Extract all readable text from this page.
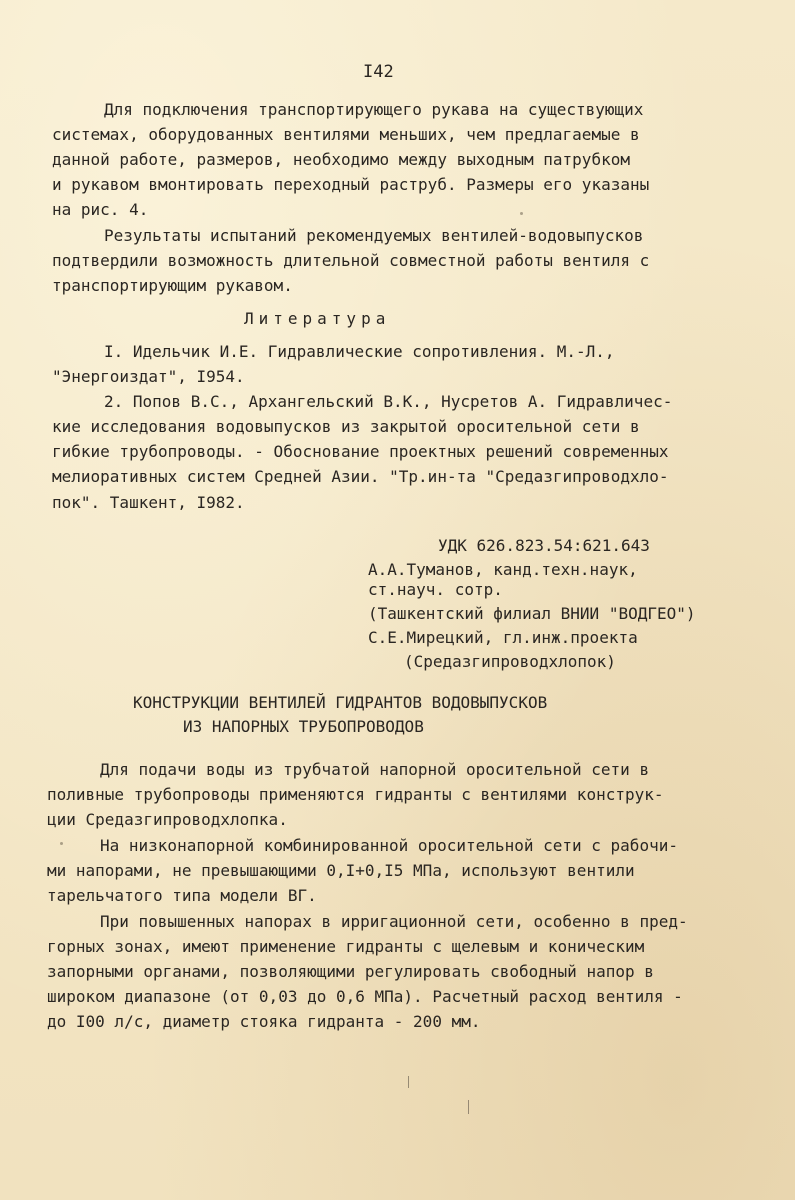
I42
Для подключения транспортирующего рукава на существующих
системах, оборудованных вентилями меньших, чем предлагаемые в
данной работе, размеров, необходимо между выходным патрубком
и рукавом вмонтировать переходный раструб. Размеры его указаны
на рис. 4.
Результаты испытаний рекомендуемых вентилей-водовыпусков
подтвердили возможность длительной совместной работы вентиля с
транспортирующим рукавом.
Литература
I. Идельчик И.Е. Гидравлические сопротивления. М.-Л.,
"Энергоиздат", I954.
2. Попов В.С., Архангельский В.К., Нусретов А. Гидравличес-
кие исследования водовыпусков из закрытой оросительной сети в
гибкие трубопроводы. - Обоснование проектных решений современных
мелиоративных систем Средней Азии. "Тр.ин-та "Средазгипроводхло-
пок". Ташкент, I982.
УДК 626.823.54:621.643
А.А.Туманов, канд.техн.наук,
ст.науч. сотр.
(Ташкентский филиал ВНИИ "ВОДГЕО")
С.Е.Мирецкий, гл.инж.проекта
(Средазгипроводхлопок)
КОНСТРУКЦИИ ВЕНТИЛЕЙ ГИДРАНТОВ ВОДОВЫПУСКОВ
ИЗ НАПОРНЫХ ТРУБОПРОВОДОВ
Для подачи воды из трубчатой напорной оросительной сети в
поливные трубопроводы применяются гидранты с вентилями конструк-
ции Средазгипроводхлопка.
На низконапорной комбинированной оросительной сети с рабочи-
ми напорами, не превышающими 0,I+0,I5 МПа, используют вентили
тарельчатого типа модели ВГ.
При повышенных напорах в ирригационной сети, особенно в пред-
горных зонах, имеют применение гидранты с щелевым и коническим
запорными органами, позволяющими регулировать свободный напор в
широком диапазоне (от 0,03 до 0,6 МПа). Расчетный расход вентиля -
до I00 л/с, диаметр стояка гидранта - 200 мм.
